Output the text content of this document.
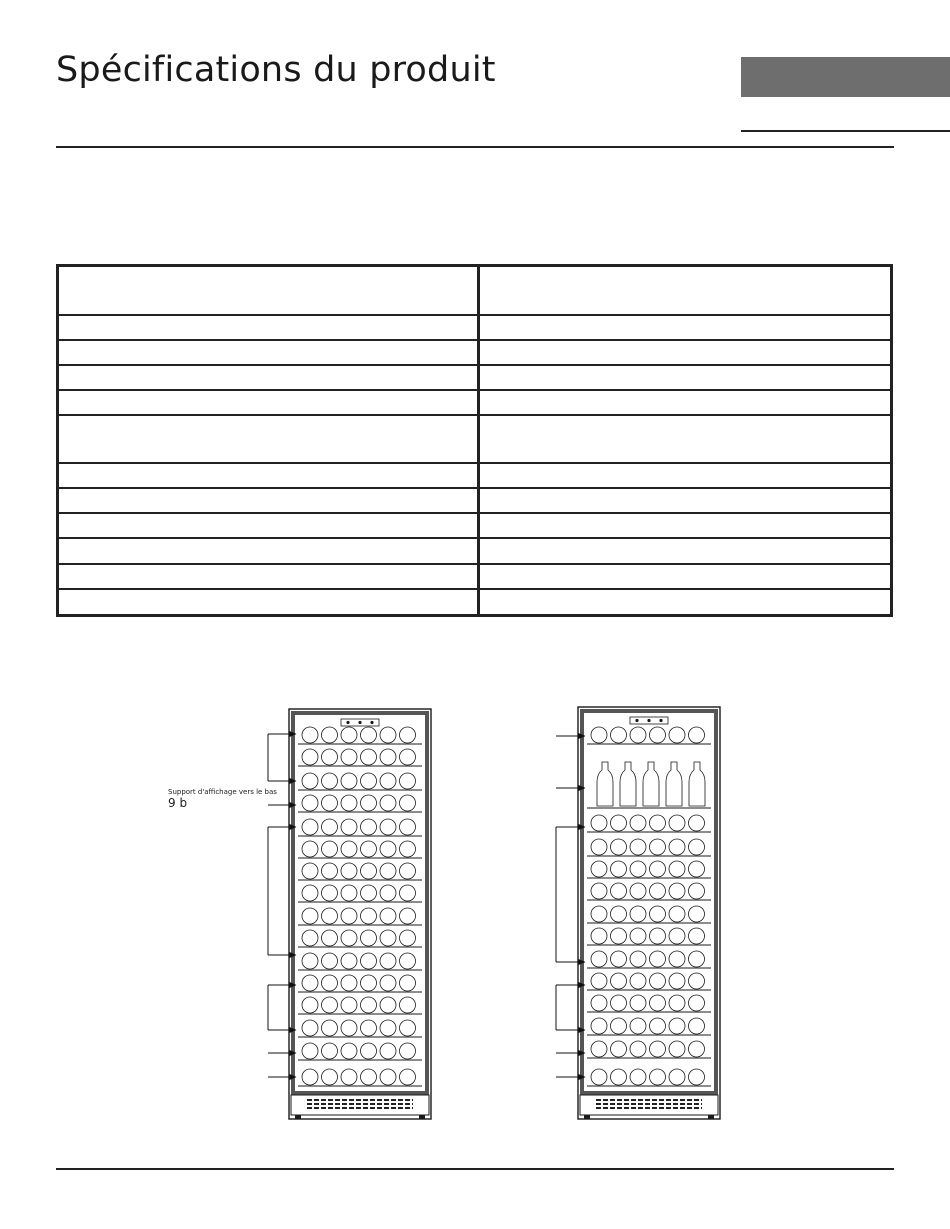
Spécifications du produit
Support d'affichage vers le bas
9 b
